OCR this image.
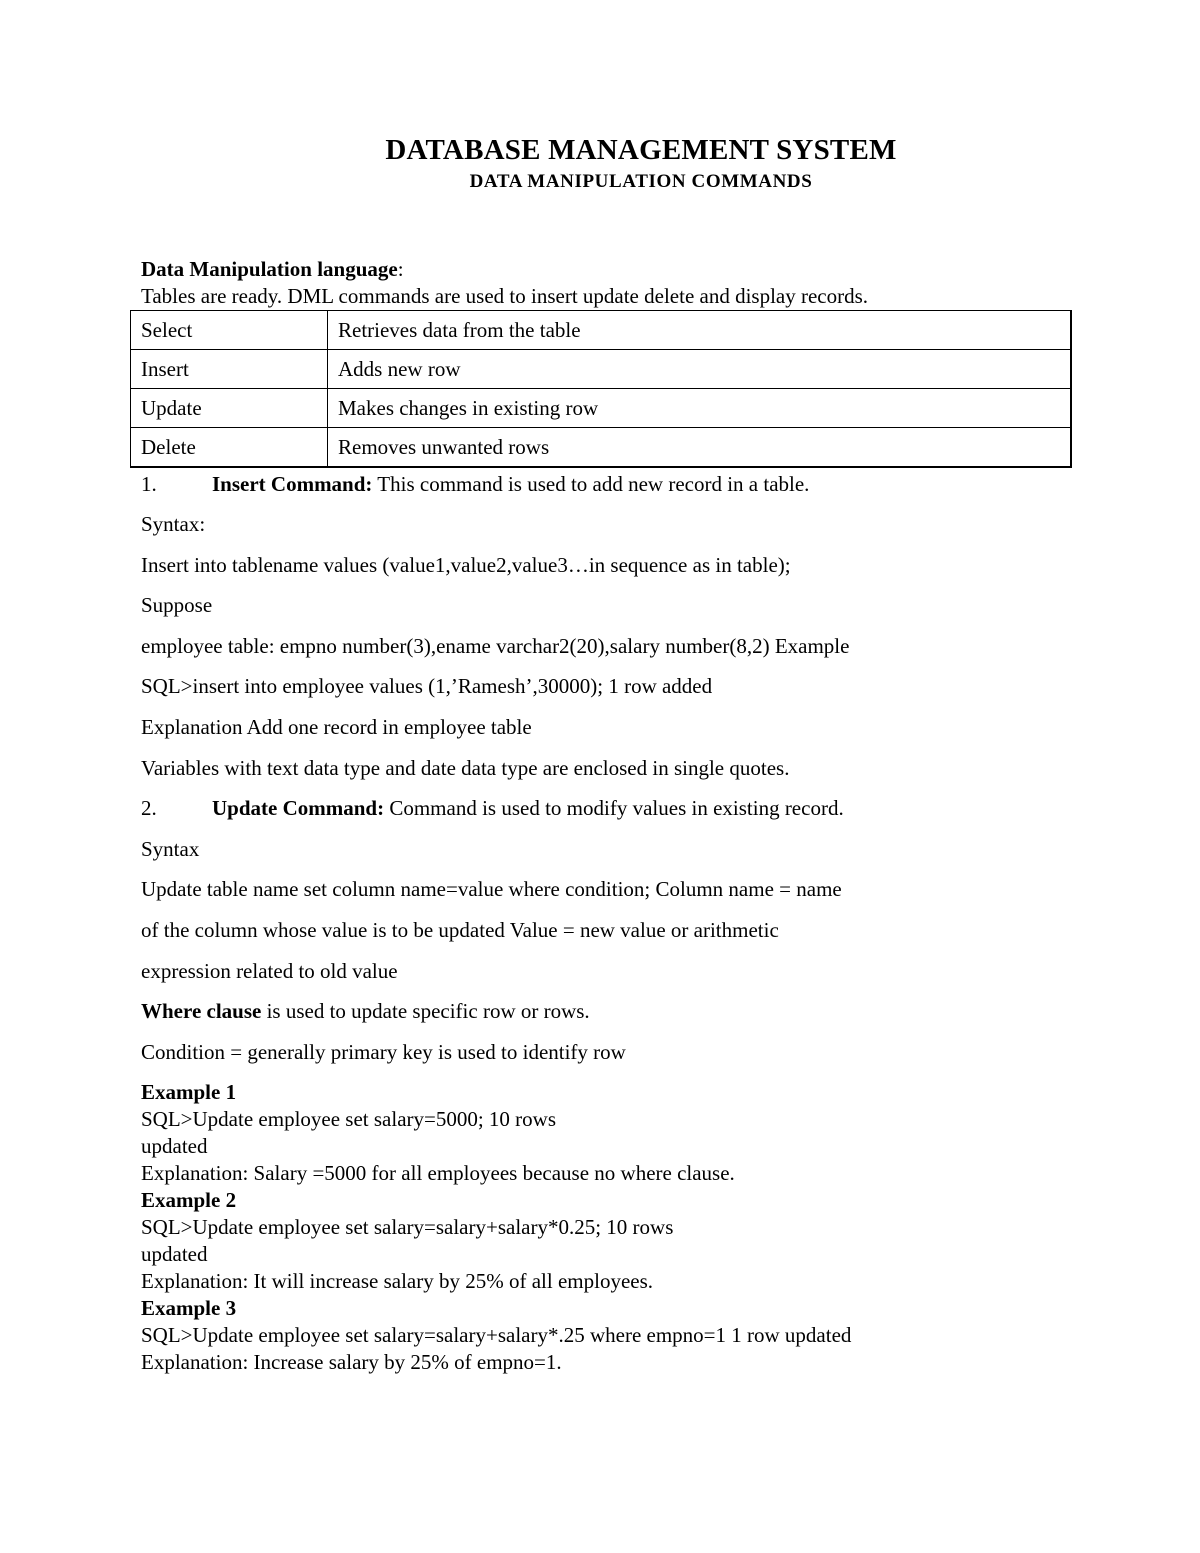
DATABASE MANAGEMENT SYSTEM
DATA MANIPULATION COMMANDS
Data Manipulation language:
Tables are ready. DML commands are used to insert update delete and display records.
Select	Retrieves data from the table
Insert	Adds new row
Update	Makes changes in existing row
Delete	Removes unwanted rows
1.	Insert Command: This command is used to add new record in a table.
Syntax:
Insert into tablename values (value1,value2,value3…in sequence as in table);
Suppose
employee table: empno number(3),ename varchar2(20),salary number(8,2) Example
SQL>insert into employee values (1,’Ramesh’,30000); 1 row added
Explanation Add one record in employee table
Variables with text data type and date data type are enclosed in single quotes.
2.	Update Command: Command is used to modify values in existing record.
Syntax
Update table name set column name=value where condition; Column name = name
of the column whose value is to be updated Value = new value or arithmetic
expression related to old value
Where clause is used to update specific row or rows.
Condition = generally primary key is used to identify row
Example 1
SQL>Update employee set salary=5000; 10 rows
updated
Explanation: Salary =5000 for all employees because no where clause.
Example 2
SQL>Update employee set salary=salary+salary*0.25; 10 rows
updated
Explanation: It will increase salary by 25% of all employees.
Example 3
SQL>Update employee set salary=salary+salary*.25 where empno=1 1 row updated
Explanation: Increase salary by 25% of empno=1.
